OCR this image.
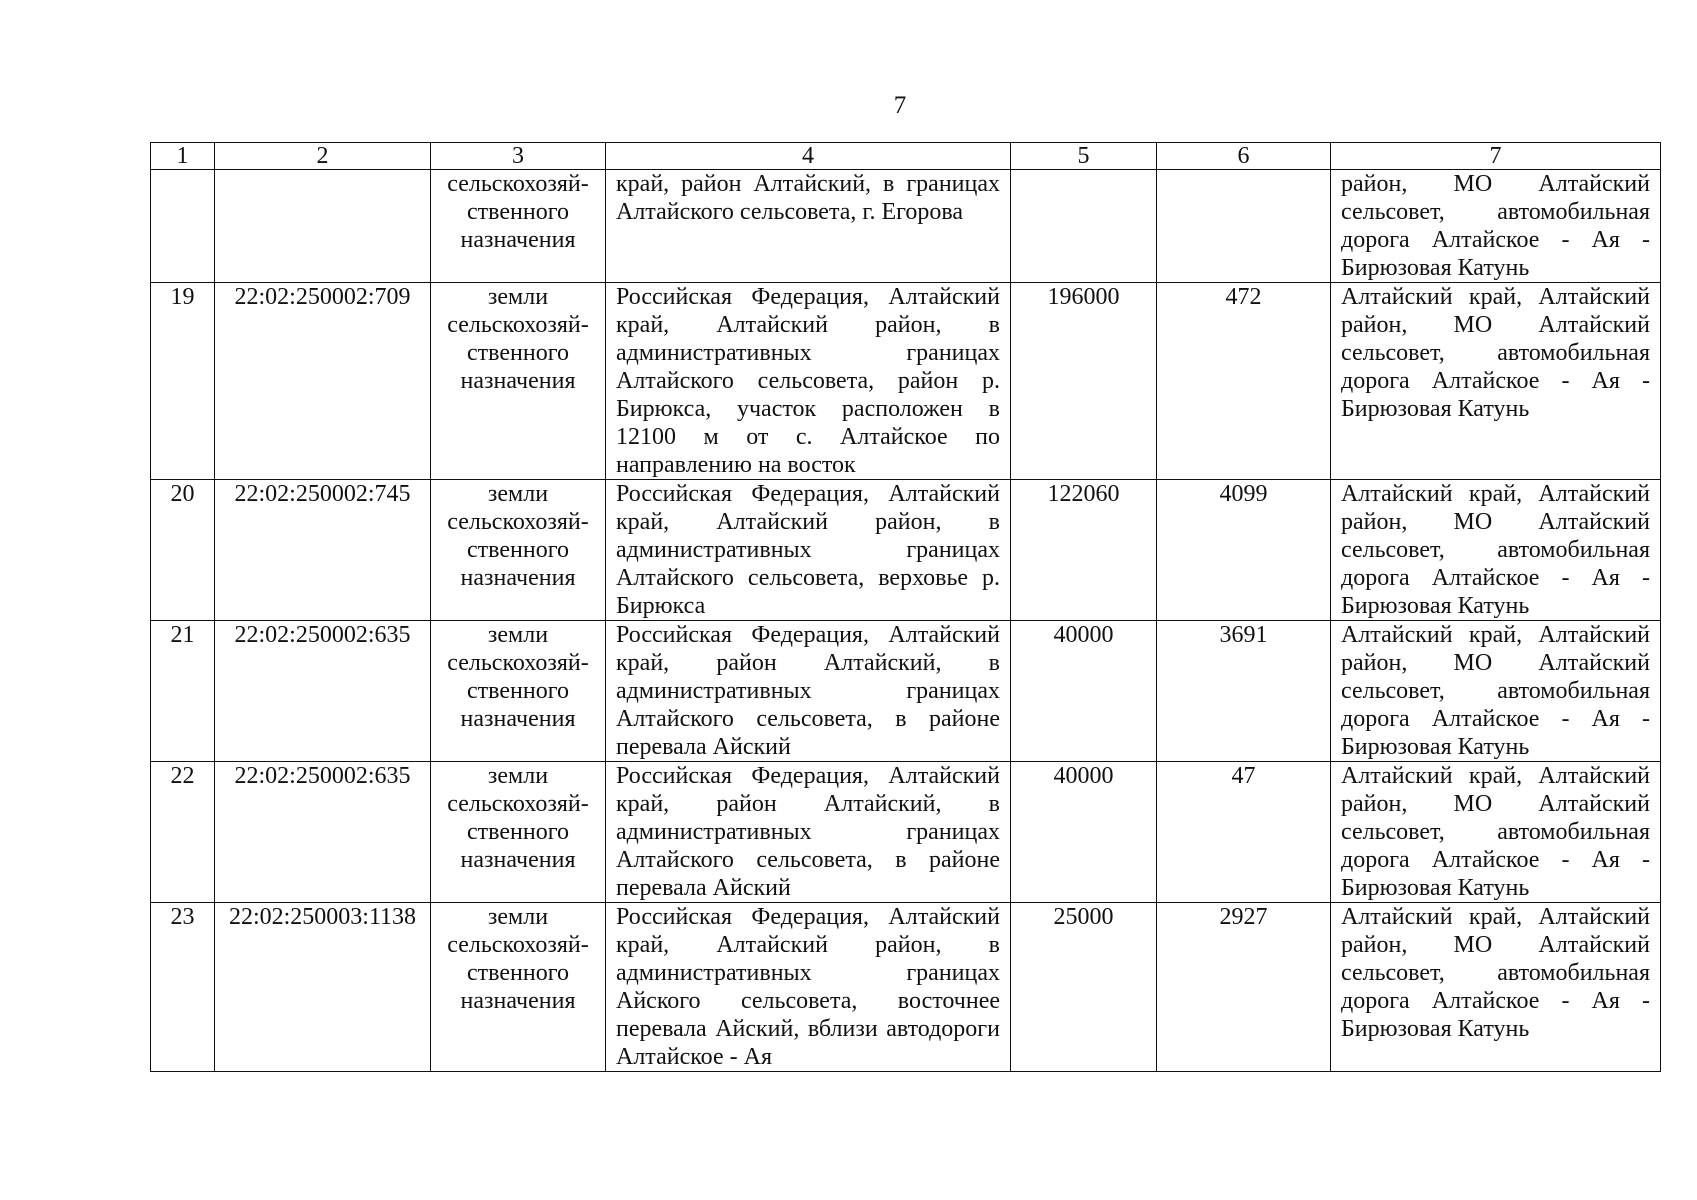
7
1	2	3	4	5	6	7

		сельскохозяй-
ственного
назначения	край, район Алтайский, в границах Алтайского сельсовета, г. Егорова			район, МО Алтайский сельсовет, автомобильная дорога Алтайское - Ая - Бирюзовая Катунь
19	22:02:250002:709	земли
сельскохозяй-
ственного
назначения	Российская Федерация, Алтайский край, Алтайский район, в административных границах Алтайского сельсовета, район р. Бирюкса, участок расположен в 12100 м от с. Алтайское по направлению на восток	196000	472	Алтайский край, Алтайский район, МО Алтайский сельсовет, автомобильная дорога Алтайское - Ая - Бирюзовая Катунь
20	22:02:250002:745	земли
сельскохозяй-
ственного
назначения	Российская Федерация, Алтайский край, Алтайский район, в административных границах Алтайского сельсовета, верховье р. Бирюкса	122060	4099	Алтайский край, Алтайский район, МО Алтайский сельсовет, автомобильная дорога Алтайское - Ая - Бирюзовая Катунь
21	22:02:250002:635	земли
сельскохозяй-
ственного
назначения	Российская Федерация, Алтайский край, район Алтайский, в административных границах Алтайского сельсовета, в районе перевала Айский	40000	3691	Алтайский край, Алтайский район, МО Алтайский сельсовет, автомобильная дорога Алтайское - Ая - Бирюзовая Катунь
22	22:02:250002:635	земли
сельскохозяй-
ственного
назначения	Российская Федерация, Алтайский край, район Алтайский, в административных границах Алтайского сельсовета, в районе перевала Айский	40000	47	Алтайский край, Алтайский район, МО Алтайский сельсовет, автомобильная дорога Алтайское - Ая - Бирюзовая Катунь
23	22:02:250003:1138	земли
сельскохозяй-
ственного
назначения	Российская Федерация, Алтайский край, Алтайский район, в административных границах Айского сельсовета, восточнее перевала Айский, вблизи автодороги Алтайское - Ая	25000	2927	Алтайский край, Алтайский район, МО Алтайский сельсовет, автомобильная дорога Алтайское - Ая - Бирюзовая Катунь
